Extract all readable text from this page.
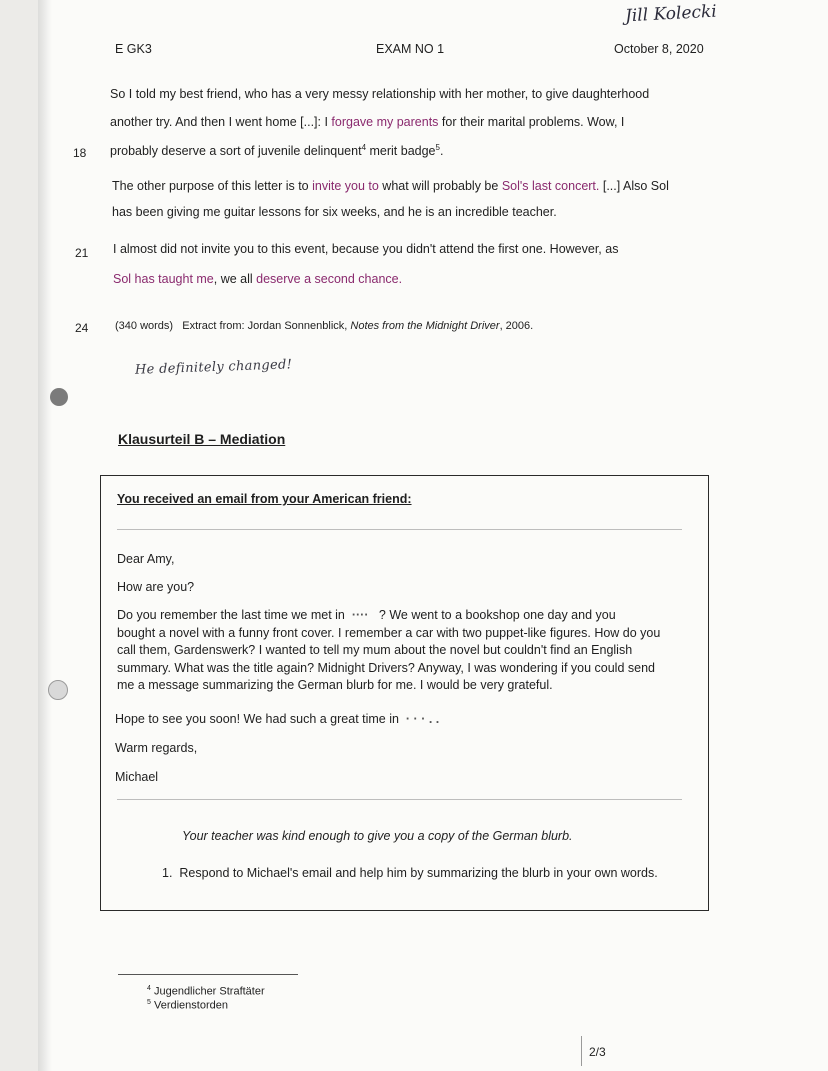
Jill Kolecki
E GK3	EXAM NO 1	October 8, 2020
So I told my best friend, who has a very messy relationship with her mother, to give daughterhood
another try. And then I went home [...]: I forgave my parents for their marital problems. Wow, I
18 probably deserve a sort of juvenile delinquent$^4$ merit badge$^5$.
The other purpose of this letter is to invite you to what will probably be Sol's last concert. [...] Also Sol
has been giving me guitar lessons for six weeks, and he is an incredible teacher.
21 I almost did not invite you to this event, because you didn't attend the first one. However, as
Sol has taught me, we all deserve a second chance.
24 (340 words) Extract from: Jordan Sonnenblick, Notes from the Midnight Driver, 2006.
He definitely changed!
Klausurteil B – Mediation
You received an email from your American friend:
Dear Amy,
How are you?
Do you remember the last time we met in ···· ? We went to a bookshop one day and you
bought a novel with a funny front cover. I remember a car with two puppet-like figures. How do you
call them, Gardenswerk? I wanted to tell my mum about the novel but couldn't find an English
summary. What was the title again? Midnight Drivers? Anyway, I was wondering if you could send
me a message summarizing the German blurb for me. I would be very grateful.
Hope to see you soon! We had such a great time in · · · . .
Warm regards,
Michael
Your teacher was kind enough to give you a copy of the German blurb.
1. Respond to Michael's email and help him by summarizing the blurb in your own words.
$^4$ Jugendlicher Straftäter
$^5$ Verdienstorden
2/3
